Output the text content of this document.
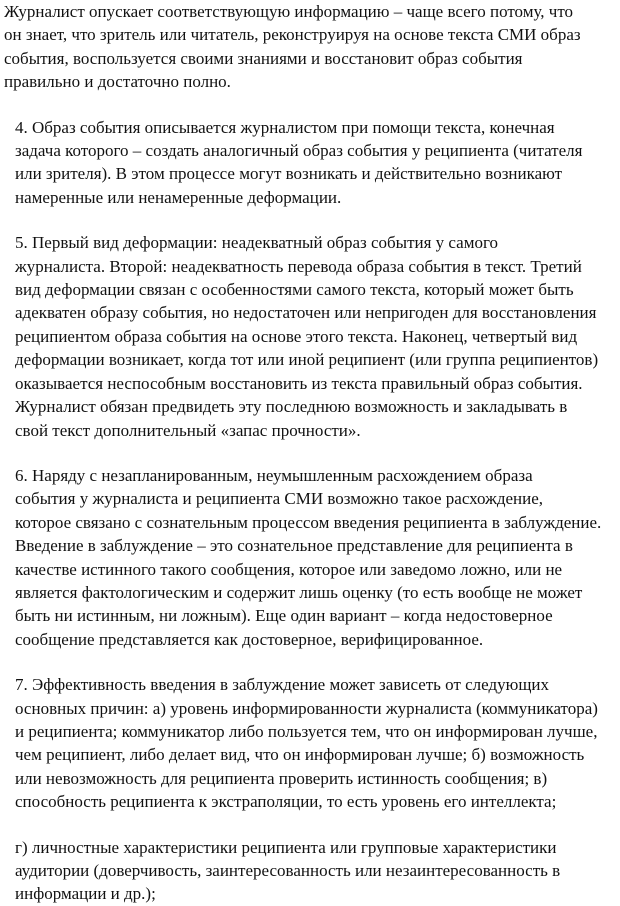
Журналист опускает соответствующую информацию – чаще всего потому, что
он знает, что зритель или читатель, реконструируя на основе текста СМИ образ
события, воспользуется своими знаниями и восстановит образ события
правильно и достаточно полно.

4. Образ события описывается журналистом при помощи текста, конечная
задача которого – создать аналогичный образ события у реципиента (читателя
или зрителя). В этом процессе могут возникать и действительно возникают
намеренные или ненамеренные деформации.

5. Первый вид деформации: неадекватный образ события у самого
журналиста. Второй: неадекватность перевода образа события в текст. Третий
вид деформации связан с особенностями самого текста, который может быть
адекватен образу события, но недостаточен или непригоден для восстановления
реципиентом образа события на основе этого текста. Наконец, четвертый вид
деформации возникает, когда тот или иной реципиент (или группа реципиентов)
оказывается неспособным восстановить из текста правильный образ события.
Журналист обязан предвидеть эту последнюю возможность и закладывать в
свой текст дополнительный «запас прочности».

6. Наряду с незапланированным, неумышленным расхождением образа
события у журналиста и реципиента СМИ возможно такое расхождение,
которое связано с сознательным процессом введения реципиента в заблуждение.
Введение в заблуждение – это сознательное представление для реципиента в
качестве истинного такого сообщения, которое или заведомо ложно, или не
является фактологическим и содержит лишь оценку (то есть вообще не может
быть ни истинным, ни ложным). Еще один вариант – когда недостоверное
сообщение представляется как достоверное, верифицированное.

7. Эффективность введения в заблуждение может зависеть от следующих
основных причин: а) уровень информированности журналиста (коммуникатора)
и реципиента; коммуникатор либо пользуется тем, что он информирован лучше,
чем реципиент, либо делает вид, что он информирован лучше; б) возможность
или невозможность для реципиента проверить истинность сообщения; в)
способность реципиента к экстраполяции, то есть уровень его интеллекта;

г) личностные характеристики реципиента или групповые характеристики
аудитории (доверчивость, заинтересованность или незаинтересованность в
информации и др.);
